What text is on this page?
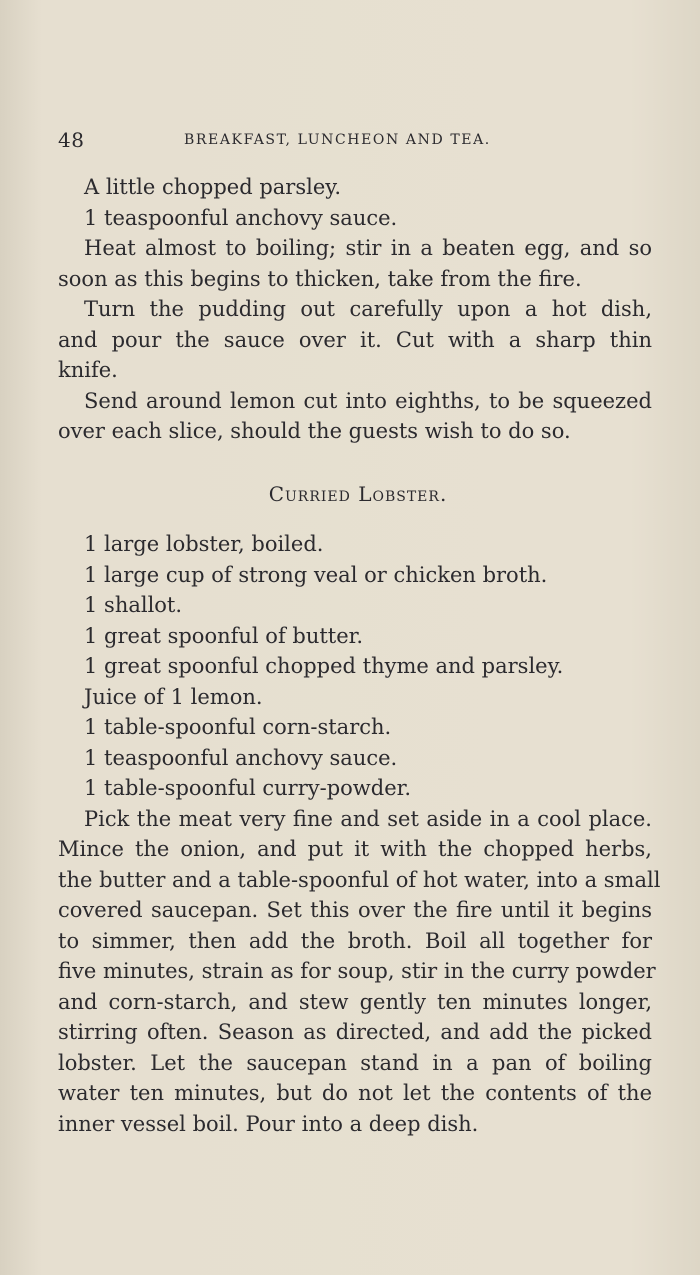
48	BREAKFAST, LUNCHEON AND TEA.
A little chopped parsley.
1 teaspoonful anchovy sauce.
Heat almost to boiling; stir in a beaten egg, and so
soon as this begins to thicken, take from the fire.
Turn the pudding out carefully upon a hot dish,
and pour the sauce over it. Cut with a sharp thin
knife.
Send around lemon cut into eighths, to be squeezed
over each slice, should the guests wish to do so.
Curried Lobster.
1 large lobster, boiled.
1 large cup of strong veal or chicken broth.
1 shallot.
1 great spoonful of butter.
1 great spoonful chopped thyme and parsley.
Juice of 1 lemon.
1 table-spoonful corn-starch.
1 teaspoonful anchovy sauce.
1 table-spoonful curry-powder.
Pick the meat very fine and set aside in a cool place.
Mince the onion, and put it with the chopped herbs,
the butter and a table-spoonful of hot water, into a small
covered saucepan. Set this over the fire until it begins
to simmer, then add the broth. Boil all together for
five minutes, strain as for soup, stir in the curry powder
and corn-starch, and stew gently ten minutes longer,
stirring often. Season as directed, and add the picked
lobster. Let the saucepan stand in a pan of boiling
water ten minutes, but do not let the contents of the
inner vessel boil. Pour into a deep dish.
